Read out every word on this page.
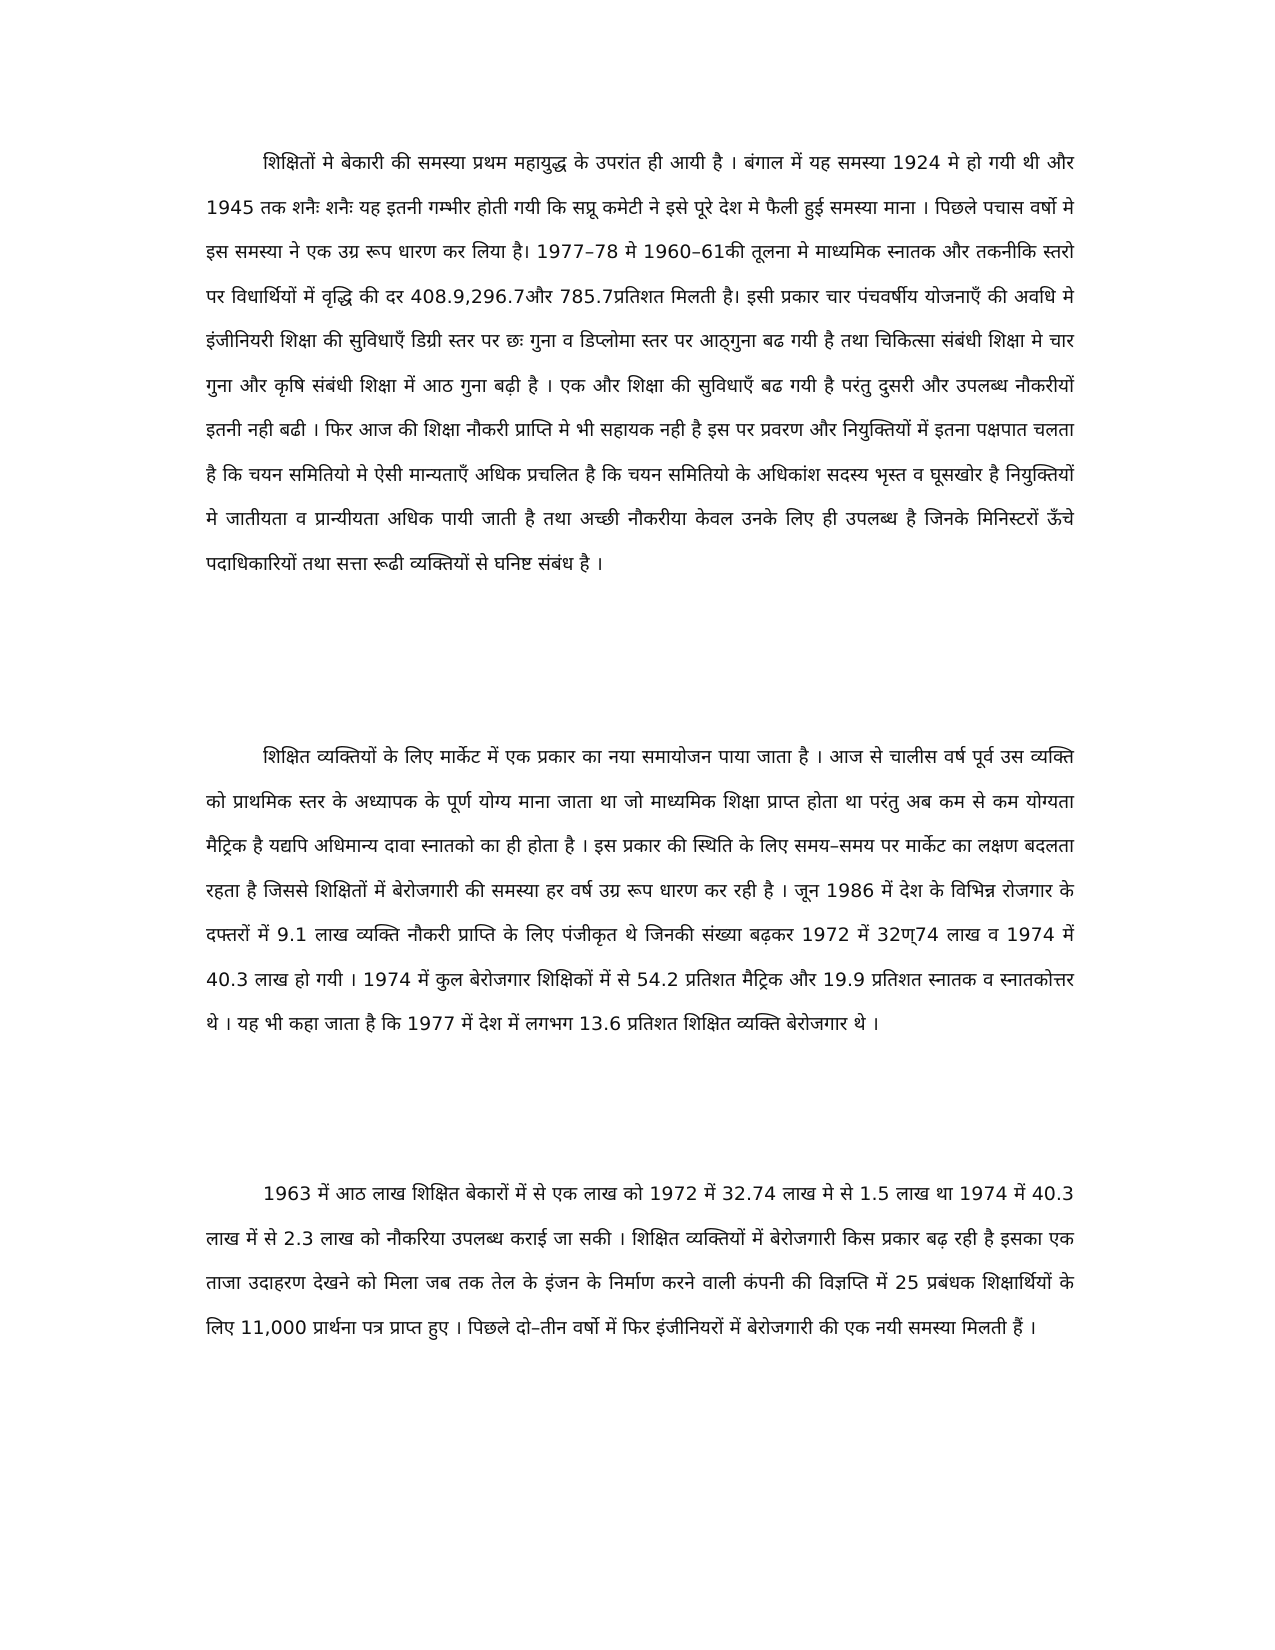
शिक्षितों मे बेकारी की समस्या प्रथम महायुद्ध के उपरांत ही आयी है । बंगाल में यह समस्या 1924 मे हो गयी थी और 1945 तक शनैः शनैः यह इतनी गम्भीर होती गयी कि सप्रू कमेटी ने इसे पूरे देश मे फैली हुई समस्या माना । पिछले पचास वर्षो मे इस समस्या ने एक उग्र रूप धारण कर लिया है। 1977–78 मे 1960–61की तूलना मे माध्यमिक स्नातक और तकनीकि स्तरो पर विधार्थियों में वृद्धि की दर 408.9,296.7और 785.7प्रतिशत मिलती है। इसी प्रकार चार पंचवर्षीय योजनाएँ की अवधि मे इंजीनियरी शिक्षा की सुविधाएँ डिग्री स्तर पर छः गुना व डिप्लोमा स्तर पर आठ्‍गुना बढ गयी है तथा चिकित्सा संबंधी शिक्षा मे चार गुना और कृषि संबंधी शिक्षा में आठ गुना बढ़ी है । एक और शिक्षा की सुविधाएँ बढ गयी है परंतु दुसरी और उपलब्ध नौकरीयों इतनी नही बढी । फिर आज की शिक्षा नौकरी प्राप्ति मे भी सहायक नही है इस पर प्रवरण और नियुक्तियों में इतना पक्षपात चलता है कि चयन समितियो मे ऐसी मान्यताएँ अधिक प्रचलित है कि चयन समितियो के अधिकांश सदस्य भृस्त व घूसखोर है नियुक्तियों मे जातीयता व प्रान्यीयता अधिक पायी जाती है तथा अच्छी नौकरीया केवल उनके लिए ही उपलब्ध है जिनके मिनिस्टरों ऊँचे पदाधिकारियों तथा सत्ता रूढी व्यक्तियों से घनिष्ट संबंध है ।

शिक्षित व्यक्तियों के लिए मार्केट में एक प्रकार का नया समायोजन पाया जाता है । आज से चालीस वर्ष पूर्व उस व्यक्ति को प्राथमिक स्तर के अध्यापक के पूर्ण योग्य माना जाता था जो माध्यमिक शिक्षा प्राप्त होता था परंतु अब कम से कम योग्यता मैट्रिक है यद्यपि अधिमान्य दावा स्नातको का ही होता है । इस प्रकार की स्थिति के लिए समय–समय पर मार्केट का लक्षण बदलता रहता है जिससे शिक्षितों में बेरोजगारी की समस्या हर वर्ष उग्र रूप धारण कर रही है । जून 1986 में देश के विभिन्न रोजगार के दफ्तरों में 9.1 लाख व्यक्ति नौकरी प्राप्ति के लिए पंजीकृत थे जिनकी संख्या बढ़कर 1972 में 32ण्74 लाख व 1974 में 40.3 लाख हो गयी । 1974 में कुल बेरोजगार शिक्षिकों में से 54.2 प्रतिशत मैट्रिक और 19.9 प्रतिशत स्नातक व स्नातकोत्तर थे । यह भी कहा जाता है कि 1977 में देश में लगभग 13.6 प्रतिशत शिक्षित व्यक्ति बेरोजगार थे ।

1963 में आठ लाख शिक्षित बेकारों में से एक लाख को 1972 में 32.74 लाख मे से 1.5 लाख था 1974 में 40.3 लाख में से 2.3 लाख को नौकरिया उपलब्ध कराई जा सकी । शिक्षित व्यक्तियों में बेरोजगारी किस प्रकार बढ़ रही है इसका एक ताजा उदाहरण देखने को मिला जब तक तेल के इंजन के निर्माण करने वाली कंपनी की विज्ञप्ति में 25 प्रबंधक शिक्षार्थियों के लिए 11,000 प्रार्थना पत्र प्राप्त हुए । पिछले दो–तीन वर्षो में फिर इंजीनियरों में बेरोजगारी की एक नयी समस्या मिलती हैं ।
